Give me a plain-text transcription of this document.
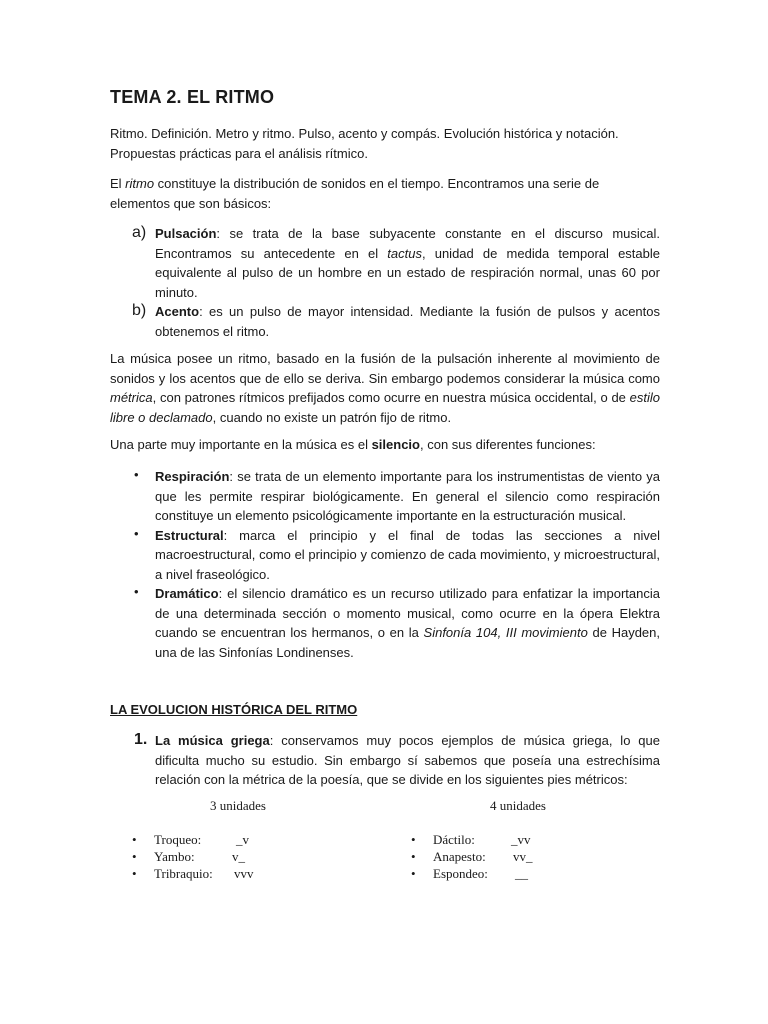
TEMA 2. EL RITMO

Ritmo. Definición. Metro y ritmo. Pulso, acento y compás. Evolución histórica y notación.

Propuestas prácticas para el análisis rítmico.

El ritmo constituye la distribución de sonidos en el tiempo. Encontramos una serie de elementos que son básicos:

a) Pulsación: se trata de la base subyacente constante en el discurso musical. Encontramos su antecedente en el tactus, unidad de medida temporal estable equivalente al pulso de un hombre en un estado de respiración normal, unas 60 por minuto.

b) Acento: es un pulso de mayor intensidad. Mediante la fusión de pulsos y acentos obtenemos el ritmo.

La música posee un ritmo, basado en la fusión de la pulsación inherente al movimiento de sonidos y los acentos que de ello se deriva. Sin embargo podemos considerar la música como métrica, con patrones rítmicos prefijados como ocurre en nuestra música occidental, o de estilo libre o declamado, cuando no existe un patrón fijo de ritmo.

Una parte muy importante en la música es el silencio, con sus diferentes funciones:

• Respiración: se trata de un elemento importante para los instrumentistas de viento ya que les permite respirar biológicamente. En general el silencio como respiración constituye un elemento psicológicamente importante en la estructuración musical.

• Estructural: marca el principio y el final de todas las secciones a nivel macroestructural, como el principio y comienzo de cada movimiento, y microestructural, a nivel fraseológico.

• Dramático: el silencio dramático es un recurso utilizado para enfatizar la importancia de una determinada sección o momento musical, como ocurre en la ópera Elektra cuando se encuentran los hermanos, o en la Sinfonía 104, III movimiento de Hayden, una de las Sinfonías Londinenses.

LA EVOLUCION HISTÓRICA DEL RITMO

1. La música griega: conservamos muy pocos ejemplos de música griega, lo que dificulta mucho su estudio. Sin embargo sí sabemos que poseía una estrechísima relación con la métrica de la poesía, que se divide en los siguientes pies métricos:

3 unidades	4 unidades
• Troqueo:	_v
• Yambo:	v_
• Tribraquio: vvv
• Dáctilo:	_vv
• Anapesto: vv_
• Espondeo: __
